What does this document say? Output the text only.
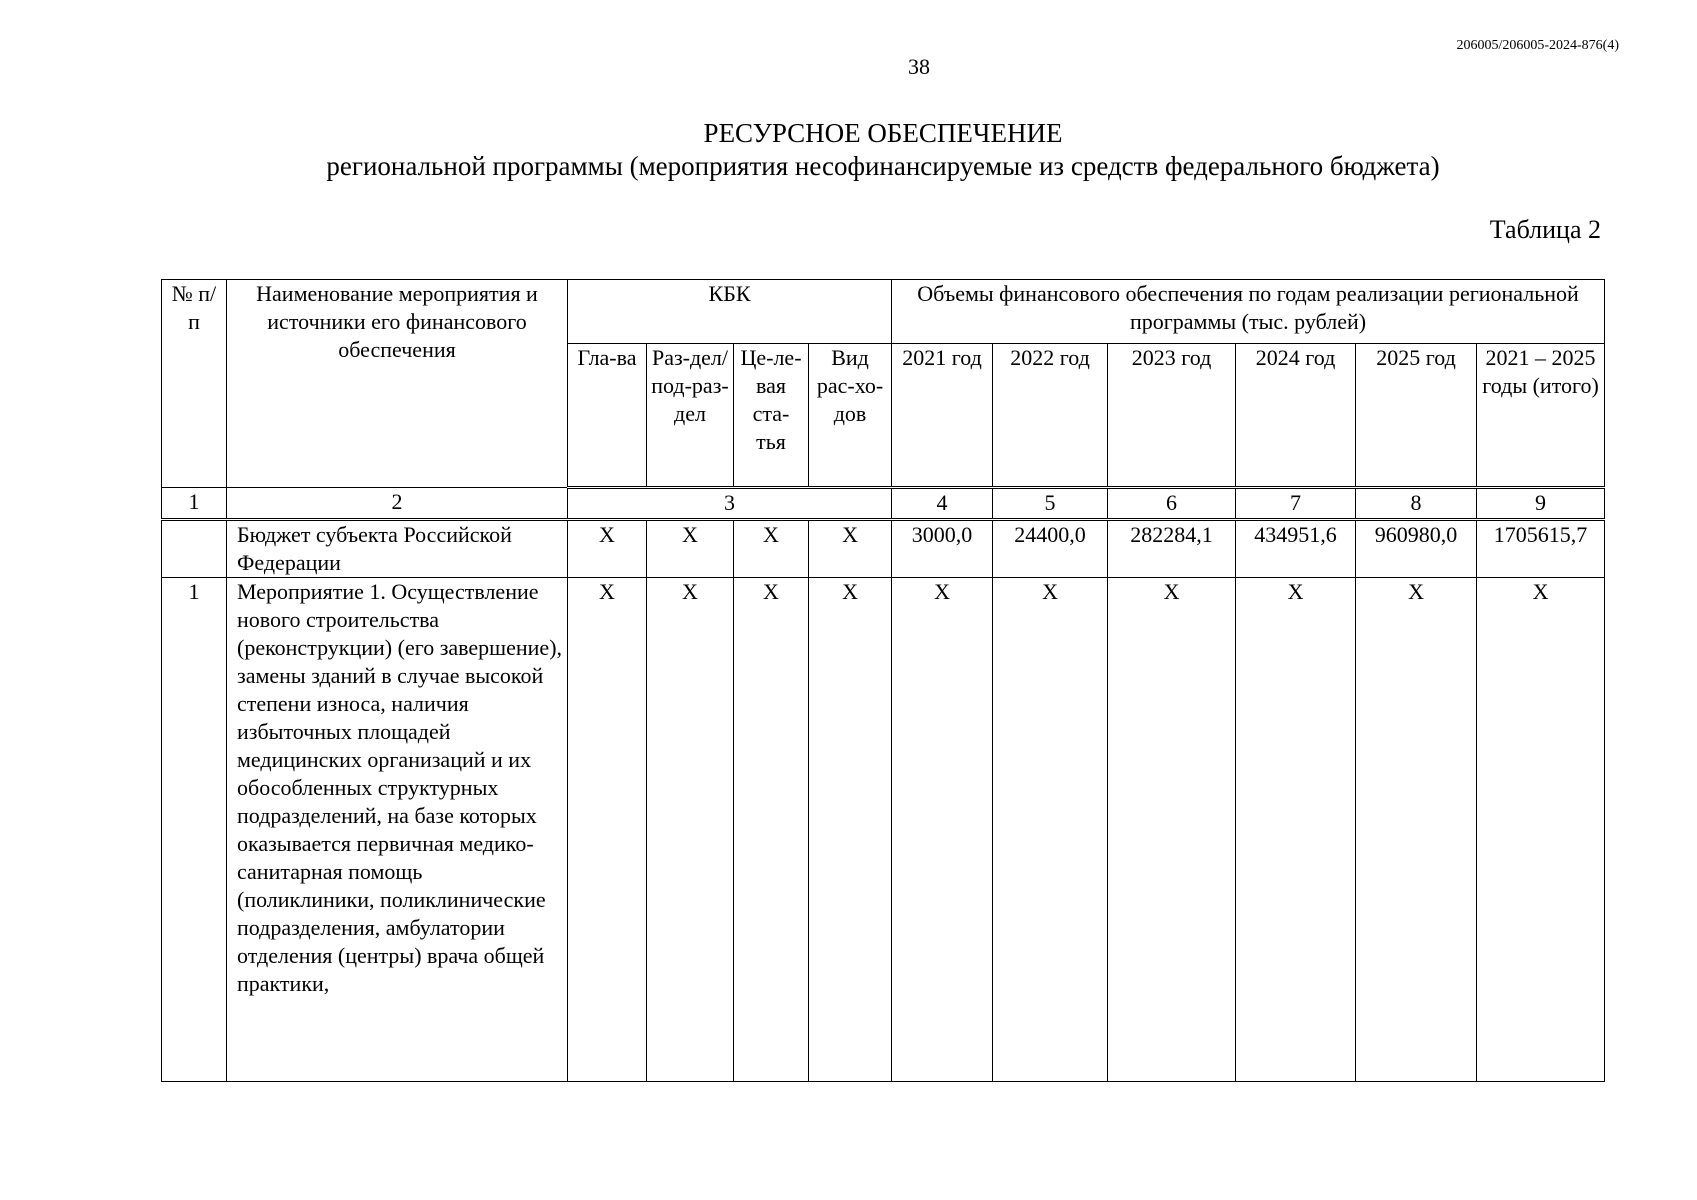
206005/206005-2024-876(4)
38
РЕСУРСНОЕ ОБЕСПЕЧЕНИЕ
региональной программы (мероприятия несофинансируемые из средств федерального бюджета)
Таблица 2
№ п/п	Наименование мероприятия и источники его финансового обеспечения	КБК				Объемы финансового обеспечения по годам реализации региональной программы (тыс. рублей)					
		Гла-ва	Раз-дел/ под-раз-дел	Це-ле-вая ста-тья	Вид рас-хо-дов	2021 год	2022 год	2023 год	2024 год	2025 год	2021 – 2025 годы (итого)
1	2	3				4	5	6	7	8	9
	Бюджет субъекта Российской Федерации	X	X	X	X	3000,0	24400,0	282284,1	434951,6	960980,0	1705615,7
1	Мероприятие 1. Осуществление нового строительства (реконструкции) (его завершение), замены зданий в случае высокой степени износа, наличия избыточных площадей медицинских организаций и их обособленных структурных подразделений, на базе которых оказывается первичная медико-санитарная помощь (поликлиники, поликлинические подразделения, амбулатории отделения (центры) врача общей практики,	X	X	X	X	X	X	X	X	X	X
